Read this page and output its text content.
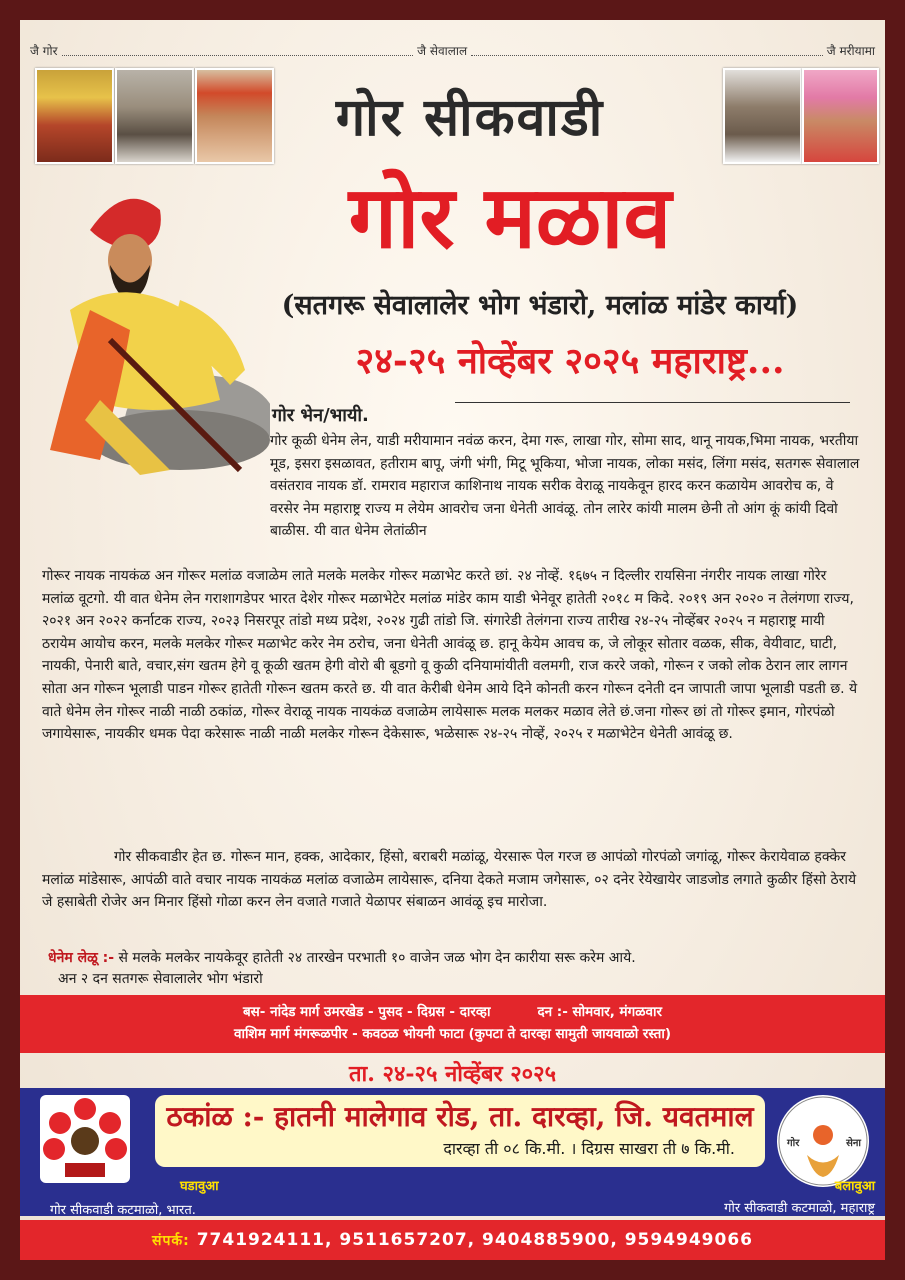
जै गोर	जै सेवालाल	जै मरीयामा
गोर सीकवाडी
गोर मळाव
(सतगरू सेवालालेर भोग भंडारो, मलांळ मांडेर कार्या)
२४-२५ नोव्हेंबर २०२५ महाराष्ट्र...
गोर भेन/भायी.
गोर कूळी धेनेम लेन, याडी मरीयामान नवंळ करन, देमा गरू, लाखा गोर, सोमा साद, थानू नायक,भिमा नायक, भरतीया मूड, इसरा इसळावत, हतीराम बापू, जंगी भंगी, मिटू भूकिया, भोजा नायक, लोका मसंद, लिंगा मसंद, सतगरू सेवालाल वसंतराव नायक डॉ. रामराव महाराज काशिनाथ नायक सरीक वेराळू नायकेवून हारद करन कळायेम आवरोच क, वे वरसेर नेम महाराष्ट्र राज्य म लेयेम आवरोच जना धेनेती आवंळू. तोन लारेर कांयी मालम छेनी तो आंग कूं कांयी दिवो बाळीस. यी वात धेनेम लेतांळीन
गोरूर नायक नायकंळ अन गोरूर मलांळ वजाळेम लाते मलके मलकेर गोरूर मळाभेट करते छां. २४ नोव्हें. १६७५ न दिल्लीर रायसिना नंगरीर नायक लाखा गोरेर मलांळ वूटगो. यी वात धेनेम लेन गराशागडेपर भारत देशेर गोरूर मळाभेटेर मलांळ मांडेर काम याडी भेनेवूर हातेती २०१८ म किदे. २०१९ अन २०२० न तेलंगणा राज्य, २०२१ अन २०२२ कर्नाटक राज्य, २०२३ निसरपूर तांडो मध्य प्रदेश, २०२४ गुढी तांडो जि. संगारेडी तेलंगना राज्य तारीख २४-२५ नोव्हेंबर २०२५ न महाराष्ट्र मायी ठरायेम आयोच करन, मलके मलकेर गोरूर मळाभेट करेर नेम ठरोच, जना धेनेती आवंळू छ. हानू केयेम आवच क, जे लोकूर सोतार वळक, सीक, वेयीवाट, घाटी, नायकी, पेनारी बाते, वचार,संग खतम हेगे वू कूळी खतम हेगी वोरो बी बूडगो वू कुळी दनियामांयीती वलमगी, राज कररे जको, गोरून र जको लोक ठेरान लार लागन सोता अन गोरून भूलाडी पाडन गोरूर हातेती गोरून खतम करते छ. यी वात केरीबी धेनेम आये दिने कोनती करन गोरून दनेती दन जापाती जापा भूलाडी पडती छ. ये वाते धेनेम लेन गोरूर नाळी नाळी ठकांळ, गोरूर वेराळू नायक नायकंळ वजाळेम लायेसारू मलक मलकर मळाव लेते छं.जना गोरूर छां तो गोरूर इमान, गोरपंळो जगायेसारू, नायकीर धमक पेदा करेसारू नाळी नाळी मलकेर गोरून देकेसारू, भळेसारू २४-२५ नोव्हें, २०२५ र मळाभेटेन धेनेती आवंळू छ.
गोर सीकवाडीर हेत छ. गोरून मान, हक्क, आदेकार, हिंसो, बराबरी मळांळू, येरसारू पेल गरज छ आपंळो गोरपंळो जगांळू, गोरूर केरायेवाळ हक्केर मलांळ मांडेसारू, आपंळी वाते वचार नायक नायकंळ मलांळ वजाळेम लायेसारू, दनिया देकते मजाम जगेसारू, ०२ दनेर रेयेखायेर जाडजोड लगाते कुळीर हिंसो ठेराये जे हसाबेती रोजेर अन मिनार हिंसो गोळा करन लेन वजाते गजाते येळापर संबाळन आवंळू इच मारोजा.
धेनेम लेळू :- से मलके मलकेर नायकेवूर हातेती २४ तारखेन परभाती १० वाजेन जळ भोग देन कारीया सरू करेम आये.
अन २ दन सतगरू सेवालालेर भोग भंडारो
बस- नांदेड मार्ग उमरखेड - पुसद - दिग्रस - दारव्हा          दन :- सोमवार, मंगळवार
वाशिम मार्ग मंगरूळपीर - कवठळ भोयनी फाटा (कुपटा ते दारव्हा सामुती जायवाळो रस्ता)
ता. २४-२५ नोव्हेंबर २०२५
ठकांळ :- हातनी मालेगाव रोड, ता. दारव्हा, जि. यवतमाल
दारव्हा ती ०८ कि.मी. । दिग्रस साखरा ती ७ कि.मी.	गोर	सेना
घडावुआ
गोर सीकवाडी कटमाळो, भारत.
बलावुआ
गोर सीकवाडी कटमाळो, महाराष्ट्र
संपर्क: 7741924111, 9511657207, 9404885900, 9594949066
